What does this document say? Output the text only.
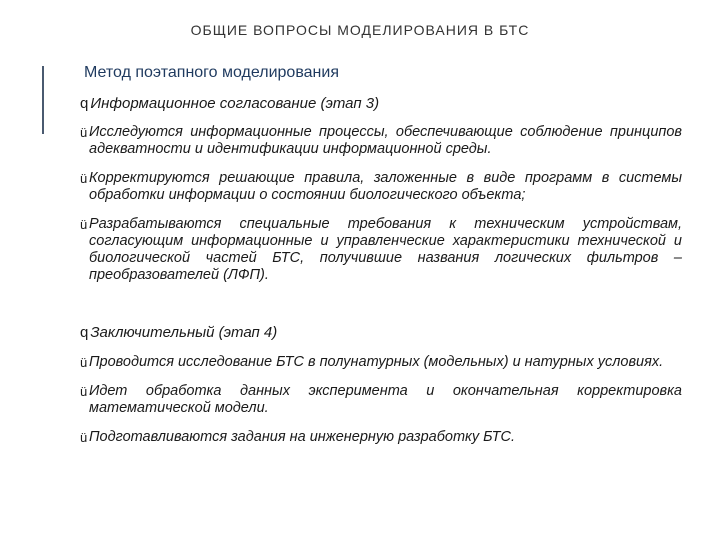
ОБЩИЕ ВОПРОСЫ МОДЕЛИРОВАНИЯ В БТС
Метод поэтапного моделирования
q Информационное согласование (этап 3)
ü Исследуются информационные процессы, обеспечивающие соблюдение принципов адекватности и идентификации информационной среды.
ü Корректируются решающие правила, заложенные в виде программ в системы обработки информации о состоянии биологического объекта;
ü Разрабатываются специальные требования к техническим устройствам, согласующим информационные и управленческие характеристики технической и биологической частей БТС, получившие названия логических фильтров – преобразователей (ЛФП).
q Заключительный (этап 4)
ü Проводится исследование БТС в полунатурных (модельных) и натурных условиях.
ü Идет обработка данных эксперимента и окончательная корректировка математической модели.
ü Подготавливаются задания на инженерную разработку БТС.
